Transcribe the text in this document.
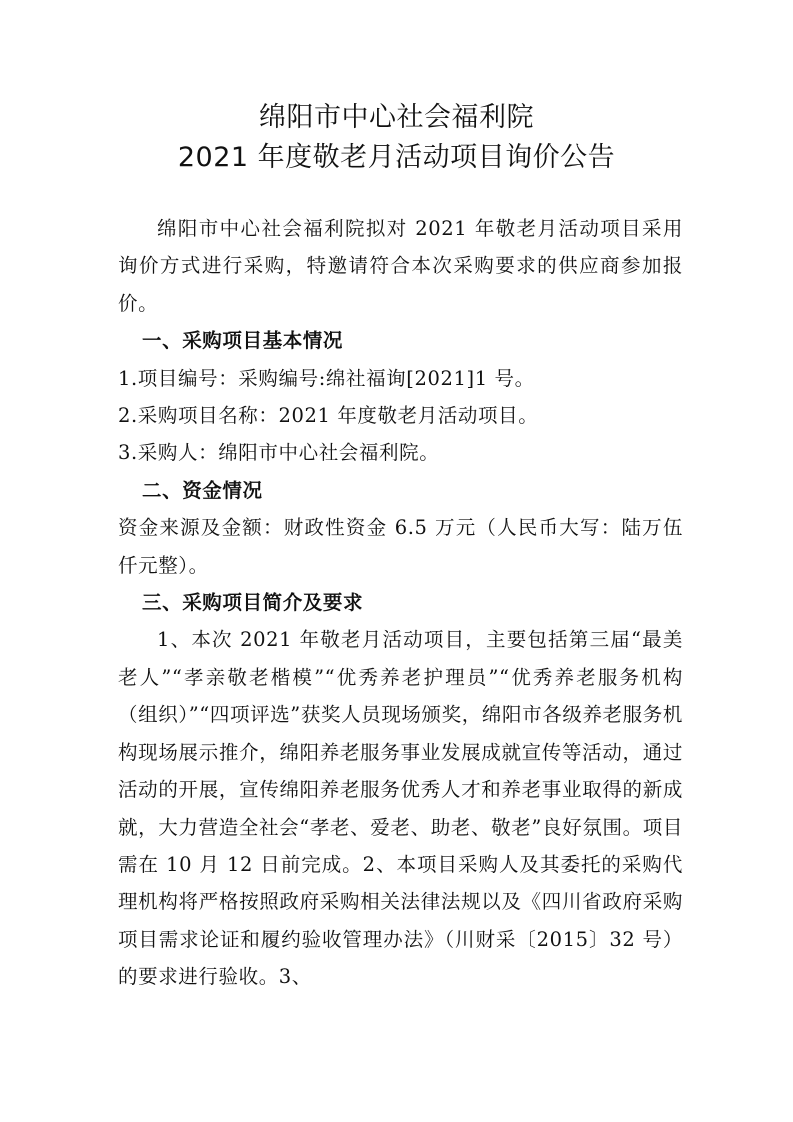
绵阳市中心社会福利院
2021 年度敬老月活动项目询价公告

绵阳市中心社会福利院拟对 2021 年敬老月活动项目采用询价方式进行采购，特邀请符合本次采购要求的供应商参加报价。

一、采购项目基本情况

1.项目编号：采购编号:绵社福询[2021]1 号。

2.采购项目名称：2021 年度敬老月活动项目。

3.采购人：绵阳市中心社会福利院。

二、资金情况

资金来源及金额：财政性资金 6.5 万元（人民币大写：陆万伍仟元整）。

三、采购项目简介及要求

1、本次 2021 年敬老月活动项目，主要包括第三届“最美老人”“孝亲敬老楷模”“优秀养老护理员”“优秀养老服务机构（组织）”“四项评选”获奖人员现场颁奖，绵阳市各级养老服务机构现场展示推介，绵阳养老服务事业发展成就宣传等活动，通过活动的开展，宣传绵阳养老服务优秀人才和养老事业取得的新成就，大力营造全社会“孝老、爱老、助老、敬老”良好氛围。项目需在 10 月 12 日前完成。2、本项目采购人及其委托的采购代理机构将严格按照政府采购相关法律法规以及《四川省政府采购项目需求论证和履约验收管理办法》（川财采〔2015〕32 号）的要求进行验收。3、
